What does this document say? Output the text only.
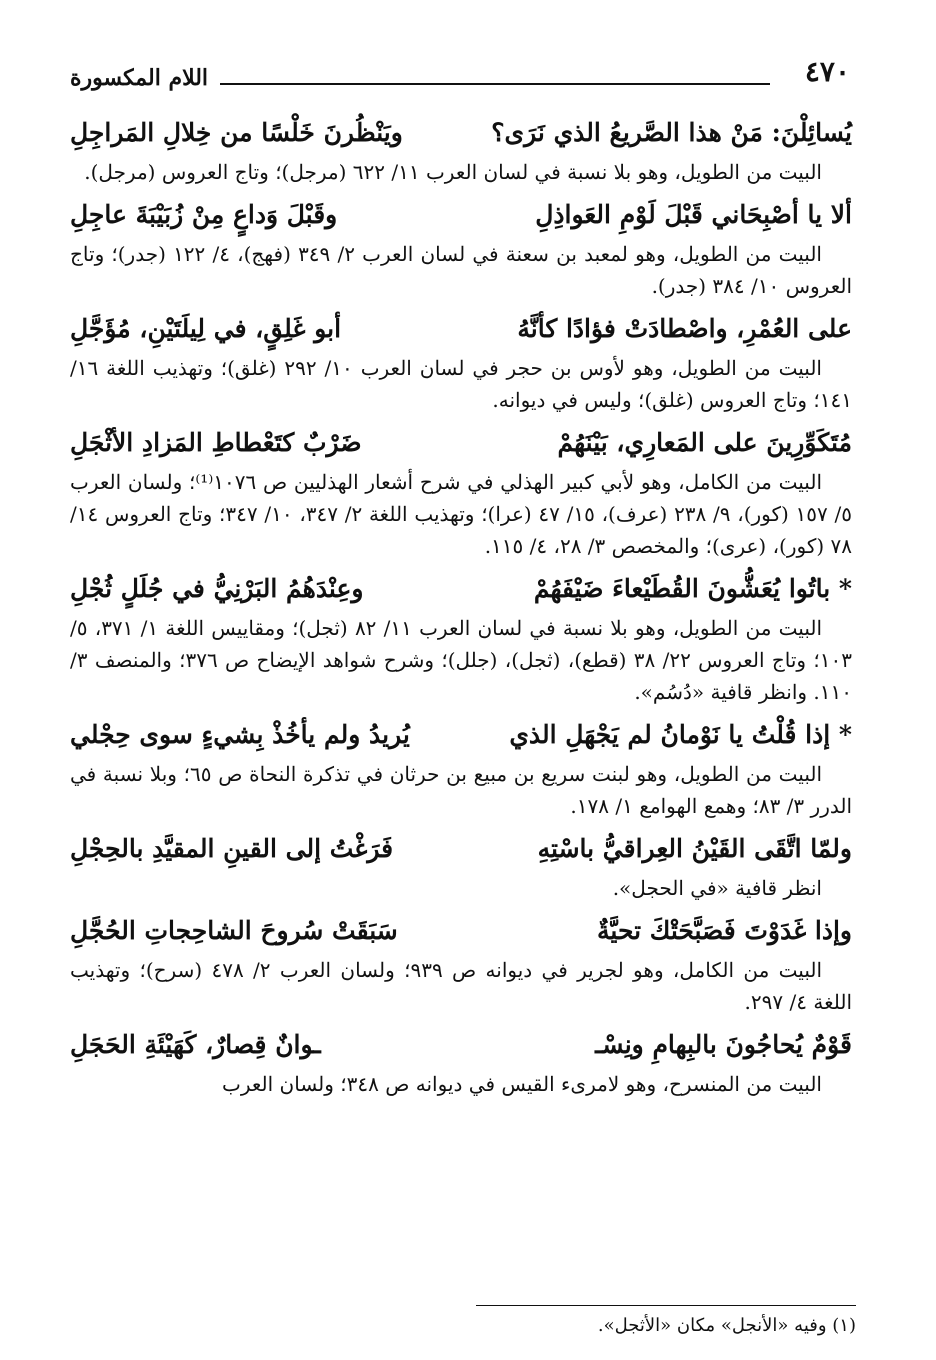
٤٧٠
اللام المكسورة
يُسائِلْنَ: مَنْ هذا الصَّريعُ الذي نَرَى؟
ويَنْظُرنَ خَلْسًا من خِلالِ المَراجِلِ

البيت من الطويل، وهو بلا نسبة في لسان العرب ١١/ ٦٢٢ (مرجل)؛ وتاج العروس (مرجل).

ألا يا أصْبِحَاني قَبْلَ لَوْمِ العَواذِلِ
وقَبْلَ وَداعٍ مِنْ زُبَيْبَةَ عاجِلِ

البيت من الطويل، وهو لمعبد بن سعنة في لسان العرب ٢/ ٣٤٩ (فهج)، ٤/ ١٢٢ (جدر)؛ وتاج العروس ١٠/ ٣٨٤ (جدر).

على العُمْرِ، واصْطادَتْ فؤادًا كأنَّهُ
أبو غَلِقٍ، في لِيلَتَيْنِ، مُؤَجَّلِ

البيت من الطويل، وهو لأوس بن حجر في لسان العرب ١٠/ ٢٩٢ (غلق)؛ وتهذيب اللغة ١٦/ ١٤١؛ وتاج العروس (غلق)؛ وليس في ديوانه.

مُتَكَوِّرِينَ على المَعارِي، بَيْنَهُمْ
ضَرْبٌ كتَعْطاطِ المَزادِ الأثْجَلِ

البيت من الكامل، وهو لأبي كبير الهذلي في شرح أشعار الهذليين ص ١٠٧٦⁽¹⁾؛ ولسان العرب ٥/ ١٥٧ (كور)، ٩/ ٢٣٨ (عرف)، ١٥/ ٤٧ (عرا)؛ وتهذيب اللغة ٢/ ٣٤٧، ١٠/ ٣٤٧؛ وتاج العروس ١٤/ ٧٨ (كور)، (عرى)؛ والمخصص ٣/ ٢٨، ٤/ ١١٥.

* باتُوا يُعَشُّونَ القُطَيْعاءَ ضَيْفَهُمْ
وعِنْدَهُمُ البَرْنِيُّ في جُلَلٍ ثُجْلِ

البيت من الطويل، وهو بلا نسبة في لسان العرب ١١/ ٨٢ (ثجل)؛ ومقاييس اللغة ١/ ٣٧١، ٥/ ١٠٣؛ وتاج العروس ٢٢/ ٣٨ (قطع)، (ثجل)، (جلل)؛ وشرح شواهد الإيضاح ص ٣٧٦؛ والمنصف ٣/ ١١٠. وانظر قافية «دُسُم».

* إذا قُلْتُ يا نَوْمانُ لم يَجْهَلِ الذي
يُريدُ ولم يأخُذْ بِشيءٍ سوى حِجْلي

البيت من الطويل، وهو لبنت سريع بن مبيع بن حرثان في تذكرة النحاة ص ٦٥؛ وبلا نسبة في الدرر ٣/ ٨٣؛ وهمع الهوامع ١/ ١٧٨.

ولمّا اتَّقَى القَيْنُ العِراقيُّ باسْتِهِ
فَرَغْتُ إلى القينِ المقيَّدِ بالحِجْلِ

انظر قافية «في الحجل».

وإذا غَدَوْتَ فَصَبَّحَتْكَ تحيَّةٌ
سَبَقَتْ سُروحَ الشاحِجاتِ الحُجَّلِ

البيت من الكامل، وهو لجرير في ديوانه ص ٩٣٩؛ ولسان العرب ٢/ ٤٧٨ (سرح)؛ وتهذيب اللغة ٤/ ٢٩٧.

قَوْمٌ يُحاجُونَ بالبِهامِ ونِسْـ
ـوانٌ قِصارٌ، كَهَيْئَةِ الحَجَلِ

البيت من المنسرح، وهو لامرىء القيس في ديوانه ص ٣٤٨؛ ولسان العرب

(١) وفيه «الأنجل» مكان «الأثجل».
